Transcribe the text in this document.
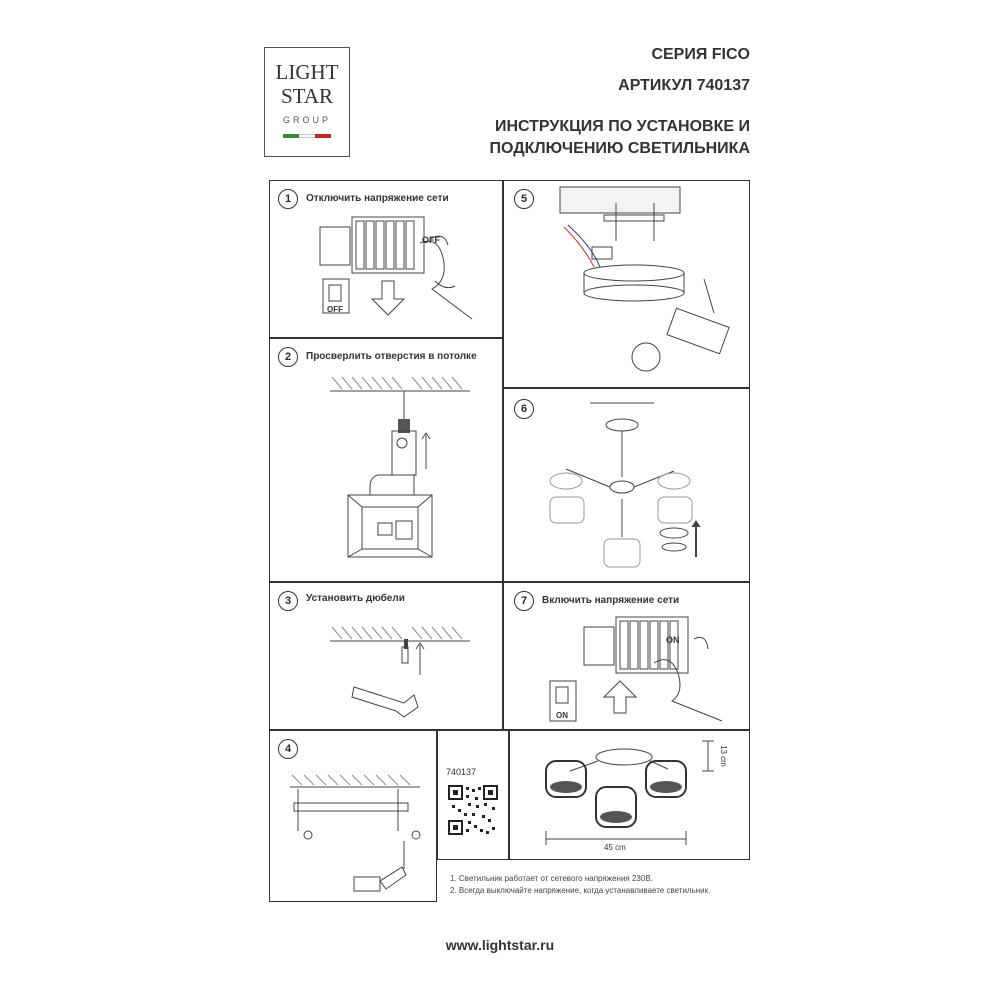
LIGHT
STAR
GROUP
СЕРИЯ FICO
АРТИКУЛ 740137
ИНСТРУКЦИЯ ПО УСТАНОВКЕ И
ПОДКЛЮЧЕНИЮ СВЕТИЛЬНИКА
1	Отключить напряжение сети
OFF
OFF
2	Просверлить отверстия в потолке
3	Установить дюбели
4
740137
5
6
7	Включить напряжение сети
ON
ON
13 cm
45 cm
1. Светильник работает от сетевого напряжения 230В.
2. Всегда выключайте напряжение, когда устанавливаете светильник.
www.lightstar.ru
